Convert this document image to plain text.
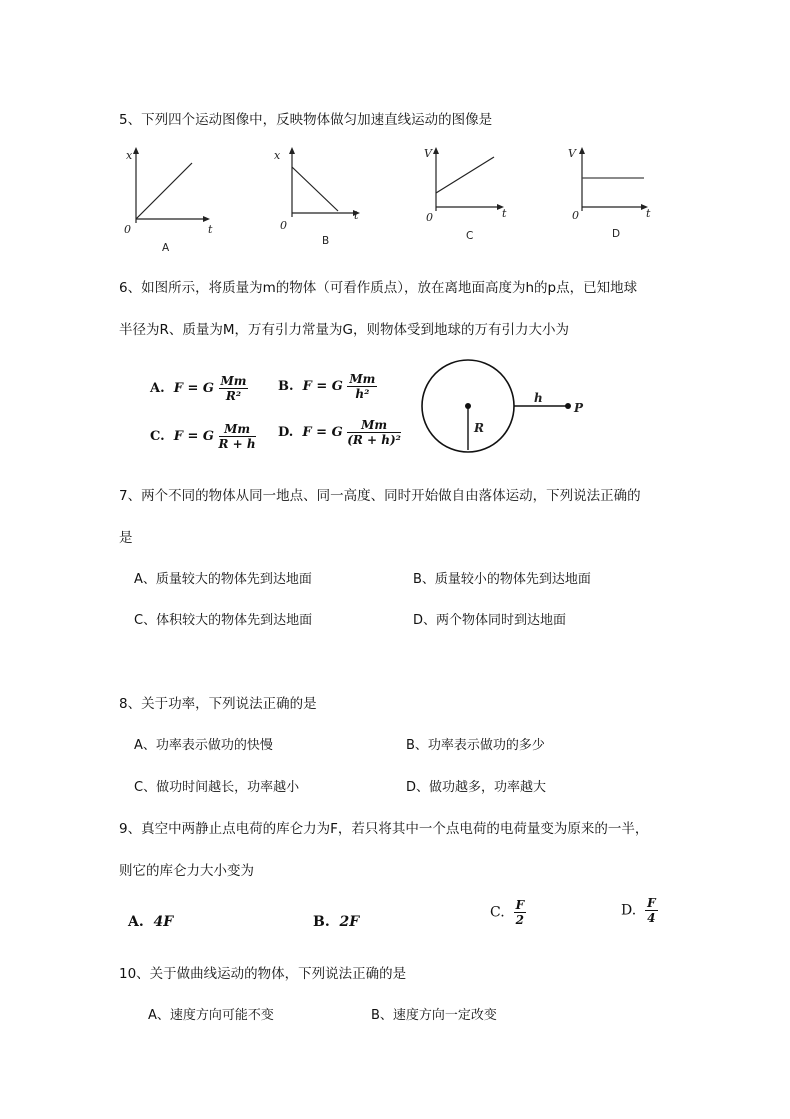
5、下列四个运动图像中，反映物体做匀加速直线运动的图像是
x
t
0
A
x
t
0
B
V
t
0
C
V
t
0
D
6、如图所示，将质量为m的物体（可看作质点），放在离地面高度为h的p点，已知地球
半径为R、质量为M，万有引力常量为G，则物体受到地球的万有引力大小为
A. F = G $\frac{Mm}{\text{R²}} B$. F = G $\frac{Mm}{\text{h²}}$
C. F = G $\frac{Mm}{R + h} D$. F = G $\frac{Mm}{\text{(R + h)²}}$	R
h
P
7、两个不同的物体从同一地点、同一高度、同时开始做自由落体运动，下列说法正确的
是
A、质量较大的物体先到达地面	B、质量较小的物体先到达地面
C、体积较大的物体先到达地面	D、两个物体同时到达地面
8、关于功率，下列说法正确的是
A、功率表示做功的快慢	B、功率表示做功的多少
C、做功时间越长，功率越小	D、做功越多，功率越大
9、真空中两静止点电荷的库仑力为F，若只将其中一个点电荷的电荷量变为原来的一半，
则它的库仑力大小变为
A. 4F	B. 2F
C. $\frac{F}{2}$	D. $\frac{F}{4}$
10、关于做曲线运动的物体，下列说法正确的是
A、速度方向可能不变	B、速度方向一定改变
